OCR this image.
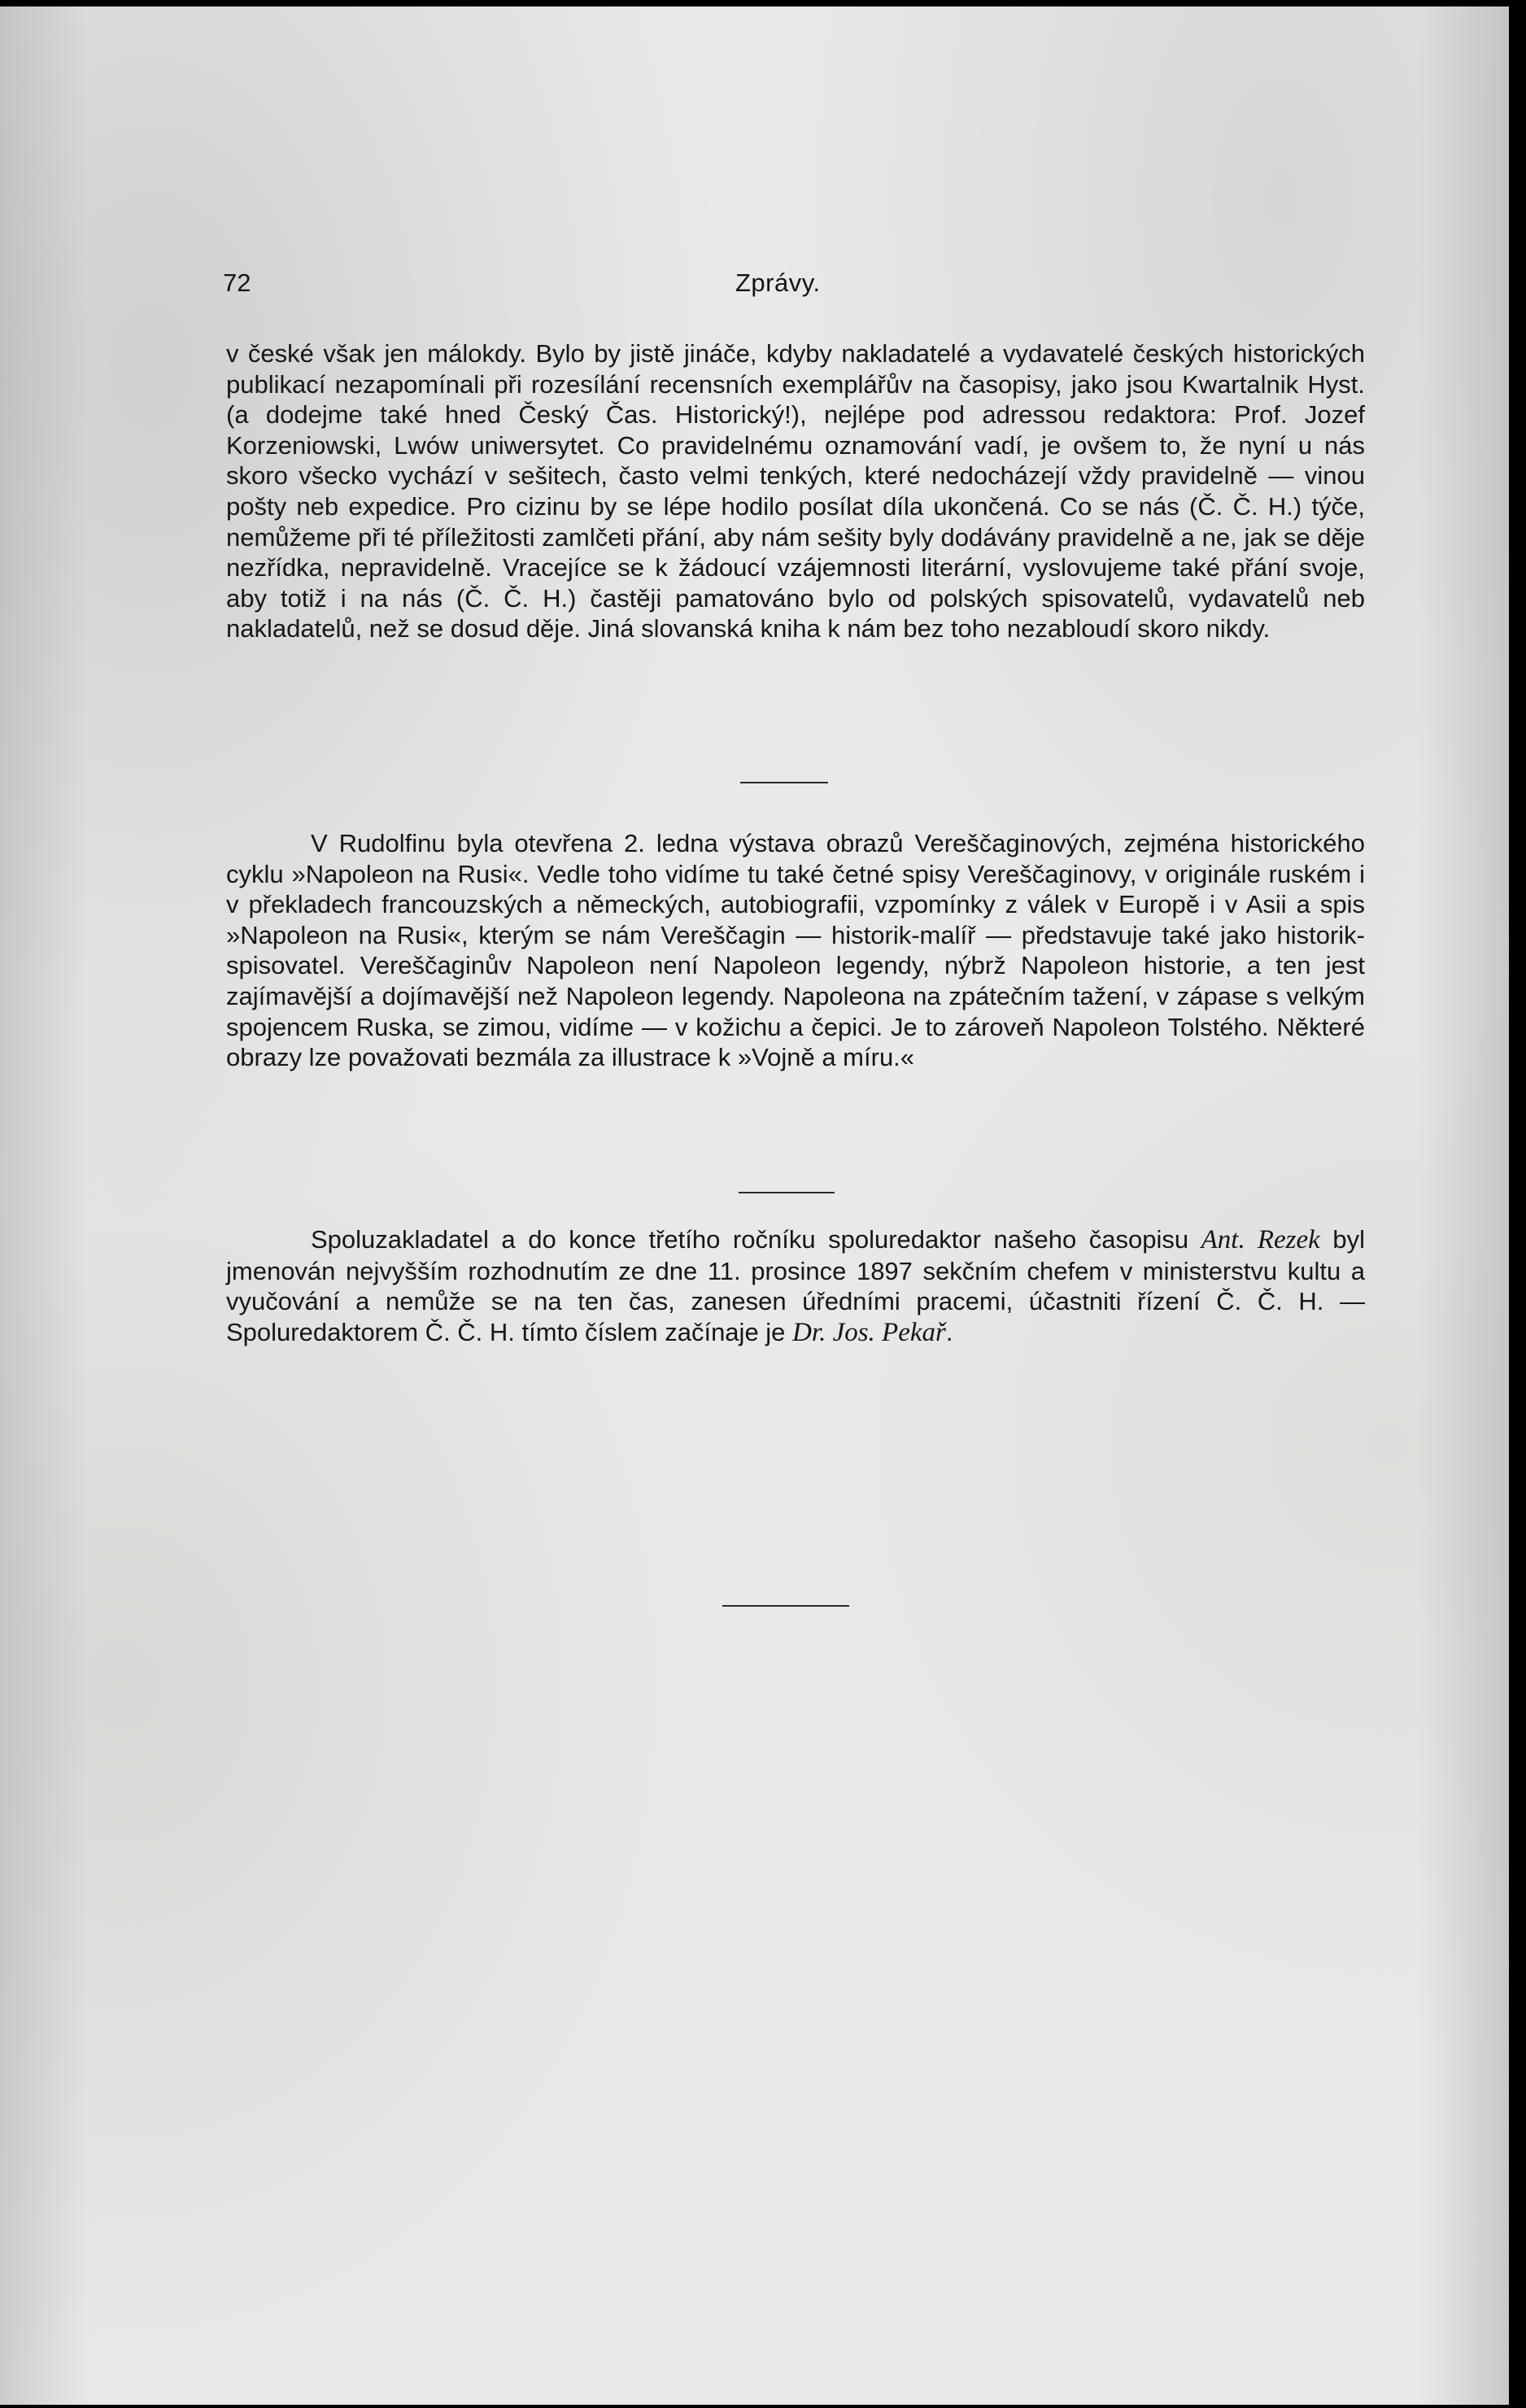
72	Zprávy.

v české však jen málokdy. Bylo by jistě jináče, kdyby nakladatelé a vydavatelé českých historických publikací nezapomínali při rozesílání recensních exemplářův na časopisy, jako jsou Kwartalnik Hyst. (a dodejme také hned Český Čas. Historický!), nejlépe pod adressou redaktora: Prof. Jozef Korzeniowski, Lwów uniwersytet. Co pravidelnému oznamování vadí, je ovšem to, že nyní u nás skoro všecko vychází v sešitech, často velmi tenkých, které nedocházejí vždy pravidelně — vinou pošty neb expedice. Pro cizinu by se lépe hodilo posílat díla ukončená. Co se nás (Č. Č. H.) týče, nemůžeme při té příležitosti zamlčeti přání, aby nám sešity byly dodávány pravidelně a ne, jak se děje nezřídka, nepravidelně. Vracejíce se k žádoucí vzájemnosti literární, vyslovujeme také přání svoje, aby totiž i na nás (Č. Č. H.) častěji pamatováno bylo od polských spisovatelů, vydavatelů neb nakladatelů, než se dosud děje. Jiná slovanská kniha k nám bez toho nezabloudí skoro nikdy.

V Rudolfinu byla otevřena 2. ledna výstava obrazů Vereščaginových, zejména historického cyklu »Napoleon na Rusi«. Vedle toho vidíme tu také četné spisy Vereščaginovy, v originále ruském i v překladech francouzských a německých, autobiografii, vzpomínky z válek v Europě i v Asii a spis »Napoleon na Rusi«, kterým se nám Vereščagin — historik-malíř — představuje také jako historik-spisovatel. Vereščaginův Napoleon není Napoleon legendy, nýbrž Napoleon historie, a ten jest zajímavější a dojímavější než Napoleon legendy. Napoleona na zpátečním tažení, v zápase s velkým spojencem Ruska, se zimou, vidíme — v kožichu a čepici. Je to zároveň Napoleon Tolstého. Některé obrazy lze považovati bezmála za illustrace k »Vojně a míru.«

Spoluzakladatel a do konce třetího ročníku spoluredaktor našeho časopisu Ant. Rezek byl jmenován nejvyšším rozhodnutím ze dne 11. prosince 1897 sekčním chefem v ministerstvu kultu a vyučování a nemůže se na ten čas, zanesen úředními pracemi, účastniti řízení Č. Č. H. — Spoluredaktorem Č. Č. H. tímto číslem začínaje je Dr. Jos. Pekař.
